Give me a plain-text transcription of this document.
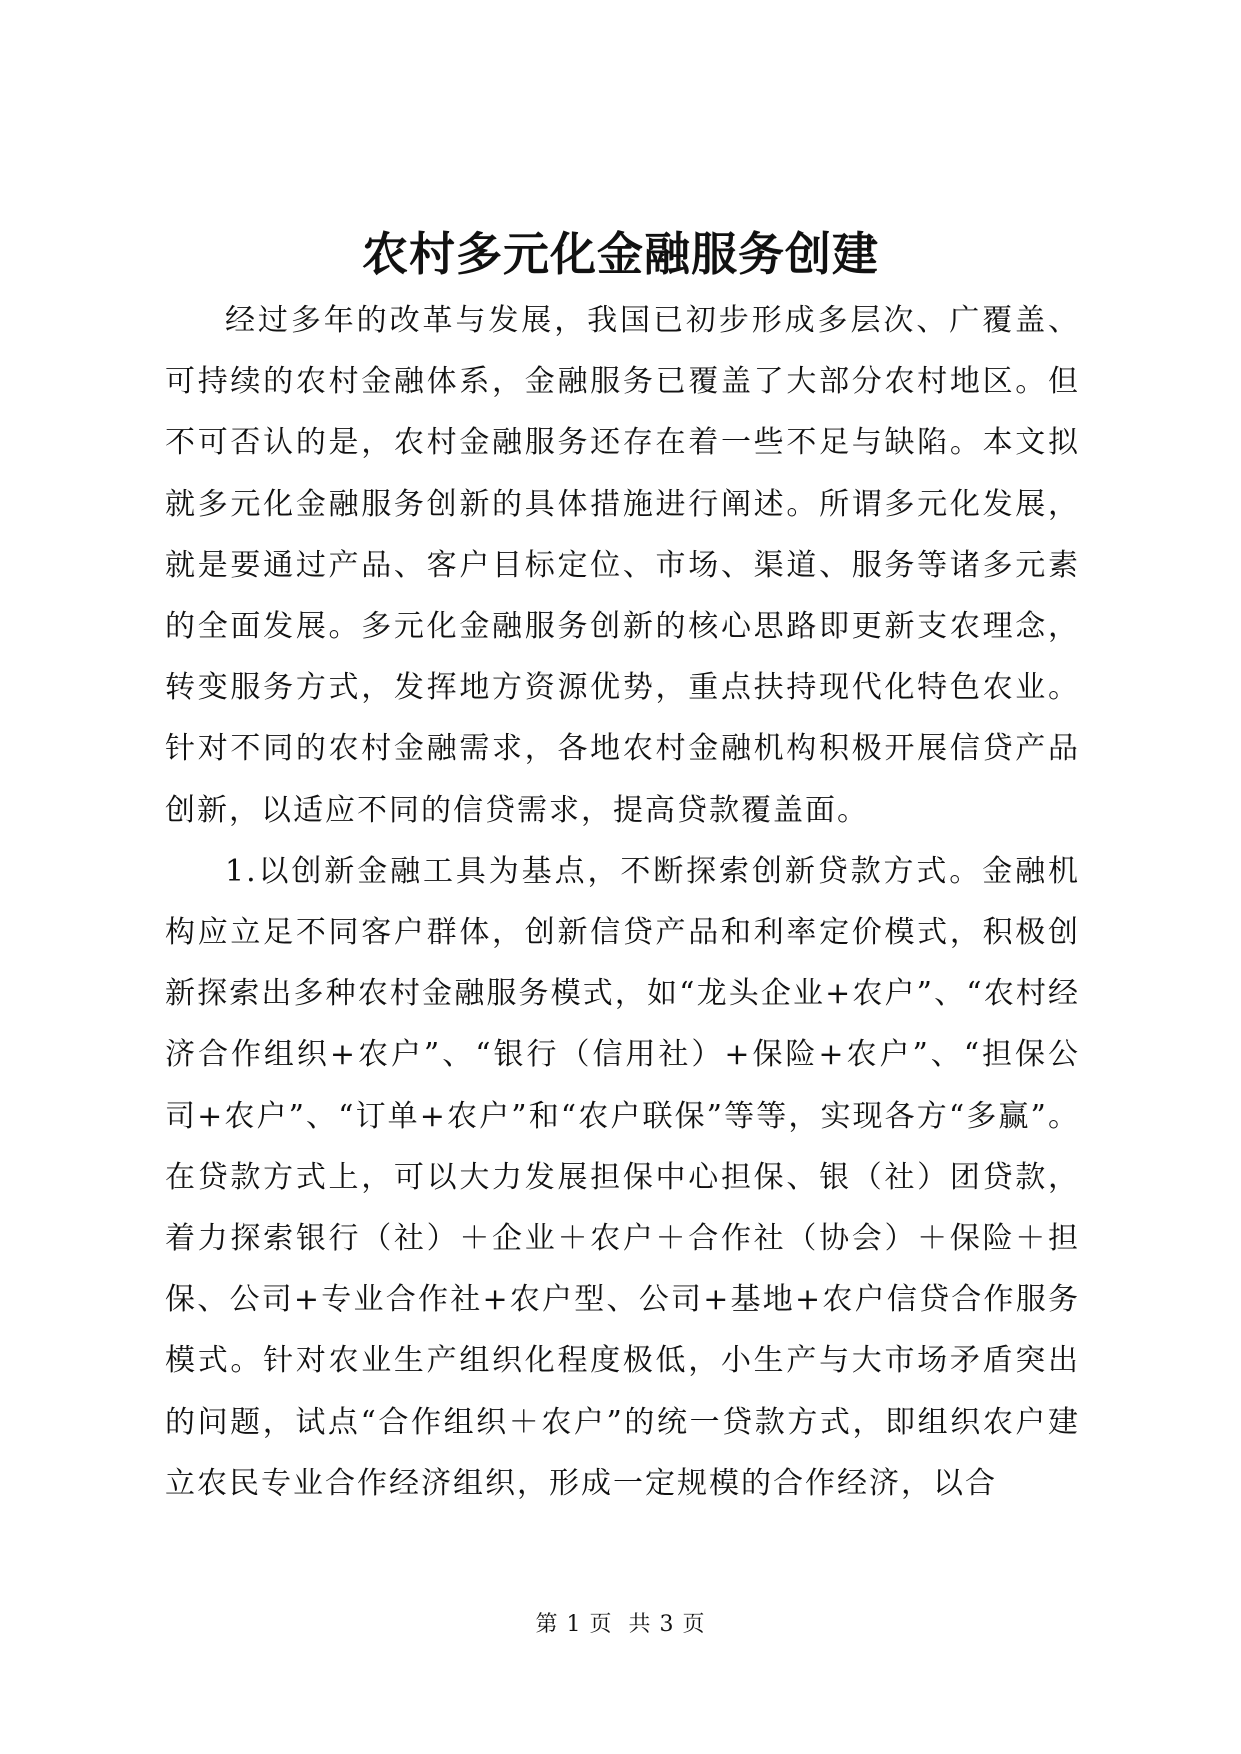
农村多元化金融服务创建

经过多年的改革与发展，我国已初步形成多层次、广覆盖、可持续的农村金融体系，金融服务已覆盖了大部分农村地区。但不可否认的是，农村金融服务还存在着一些不足与缺陷。本文拟就多元化金融服务创新的具体措施进行阐述。所谓多元化发展，就是要通过产品、客户目标定位、市场、渠道、服务等诸多元素的全面发展。多元化金融服务创新的核心思路即更新支农理念，转变服务方式，发挥地方资源优势，重点扶持现代化特色农业。针对不同的农村金融需求，各地农村金融机构积极开展信贷产品创新，以适应不同的信贷需求，提高贷款覆盖面。

1.以创新金融工具为基点，不断探索创新贷款方式。金融机构应立足不同客户群体，创新信贷产品和利率定价模式，积极创新探索出多种农村金融服务模式，如“龙头企业+农户”、“农村经济合作组织+农户”、“银行（信用社）+保险+农户”、“担保公司+农户”、“订单+农户”和“农户联保”等等，实现各方“多赢”。在贷款方式上，可以大力发展担保中心担保、银（社）团贷款，着力探索银行（社）＋企业＋农户＋合作社（协会）＋保险＋担保、公司+专业合作社+农户型、公司+基地+农户信贷合作服务模式。针对农业生产组织化程度极低，小生产与大市场矛盾突出的问题，试点“合作组织＋农户”的统一贷款方式，即组织农户建立农民专业合作经济组织，形成一定规模的合作经济，以合

第 1 页  共 3 页
